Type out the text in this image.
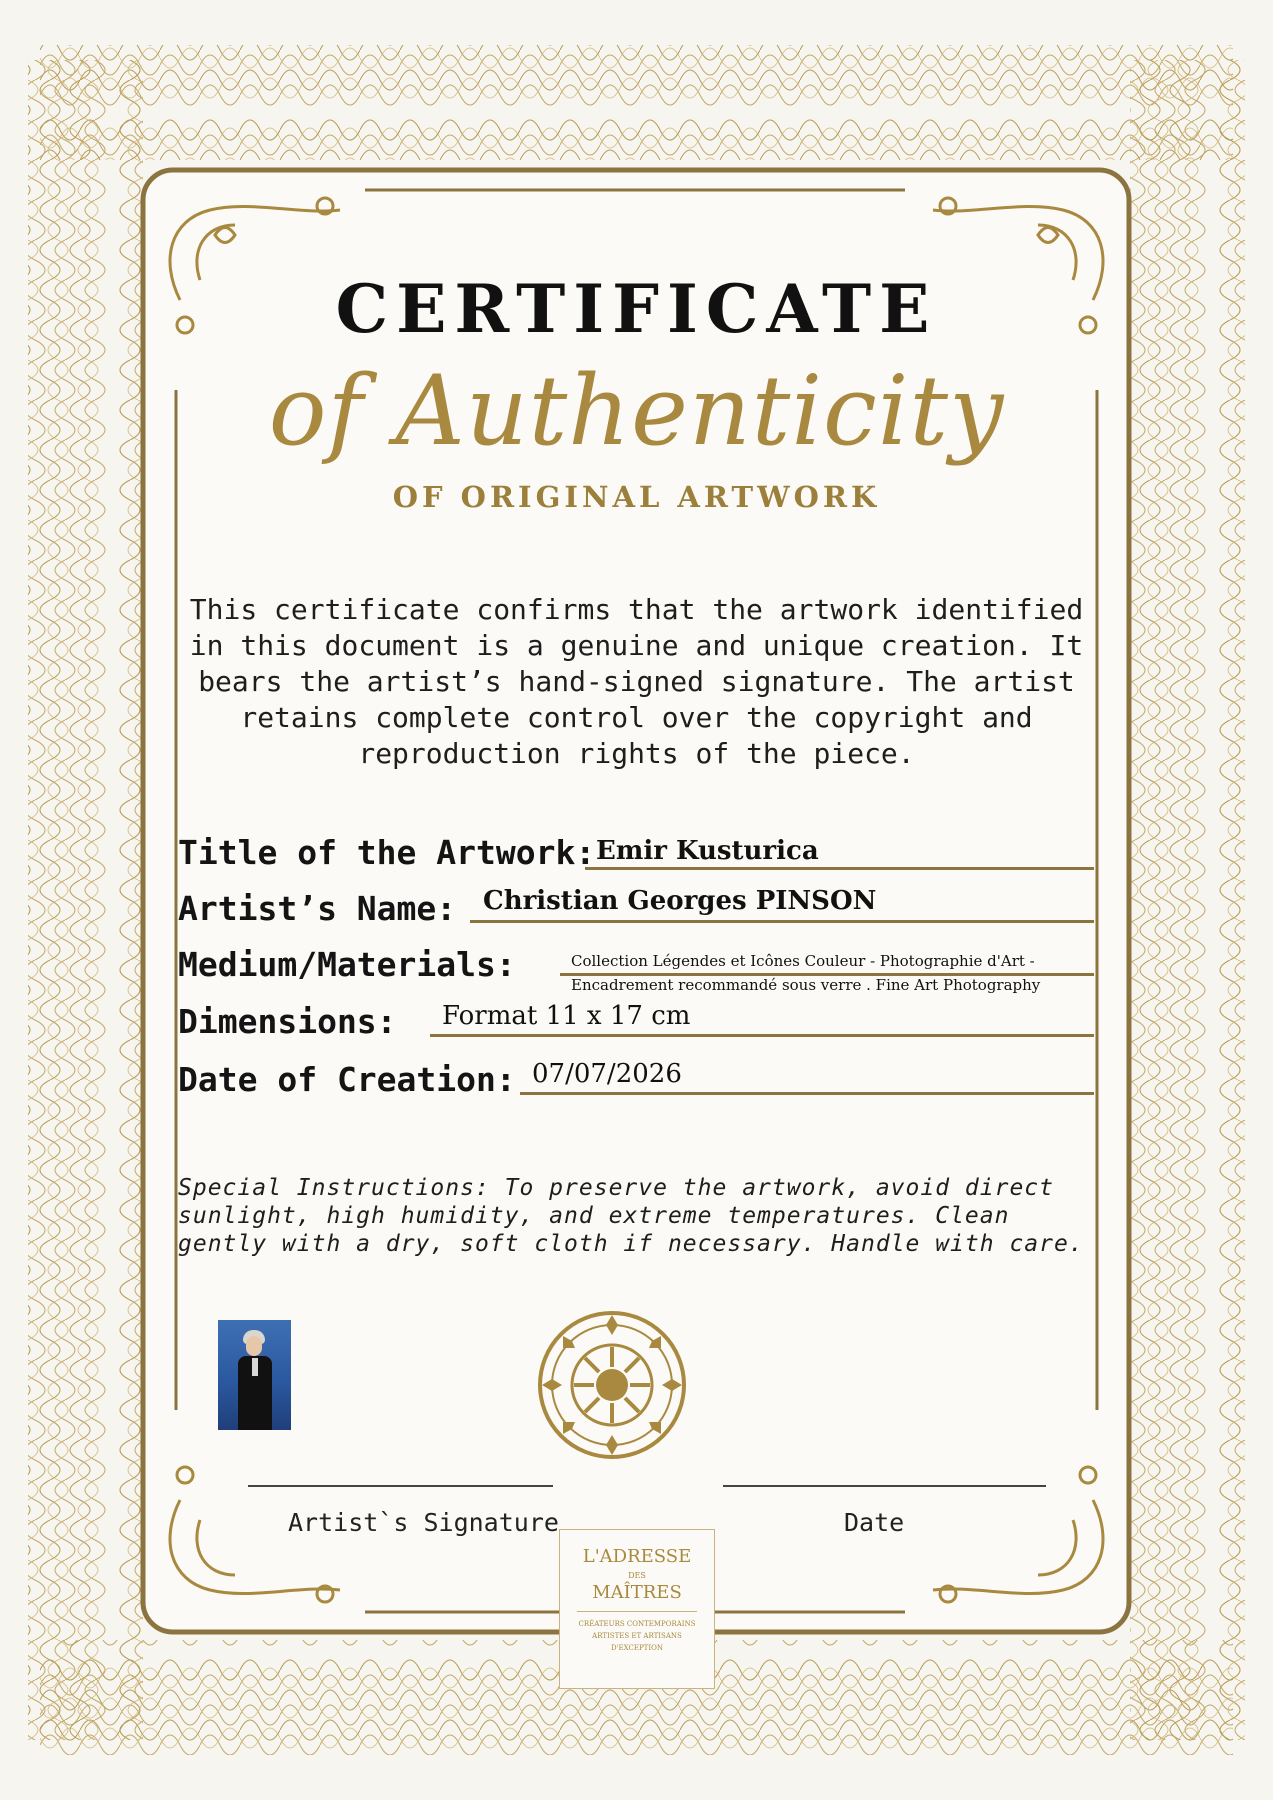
CERTIFICATE
of Authenticity
OF ORIGINAL ARTWORK
This certificate confirms that the artwork identified in this document is a genuine and unique creation. It bears the artist’s hand-signed signature. The artist retains complete control over the copyright and reproduction rights of the piece.
Title of the Artwork: Emir Kusturica
Artist’s Name: Christian Georges PINSON
Medium/Materials:	Collection Légendes et Icônes Couleur - Photographie d'Art -
Encadrement recommandé sous verre . Fine Art Photography
Dimensions: Format 11 x 17 cm
Date of Creation: 07/07/2026
Special Instructions: To preserve the artwork, avoid direct sunlight, high humidity, and extreme temperatures. Clean gently with a dry, soft cloth if necessary. Handle with care.
Artist`s Signature	Date
L'ADRESSE
DES
MAÎTRES
CRÉATEURS CONTEMPORAINS
ARTISTES ET ARTISANS
D'EXCEPTION
